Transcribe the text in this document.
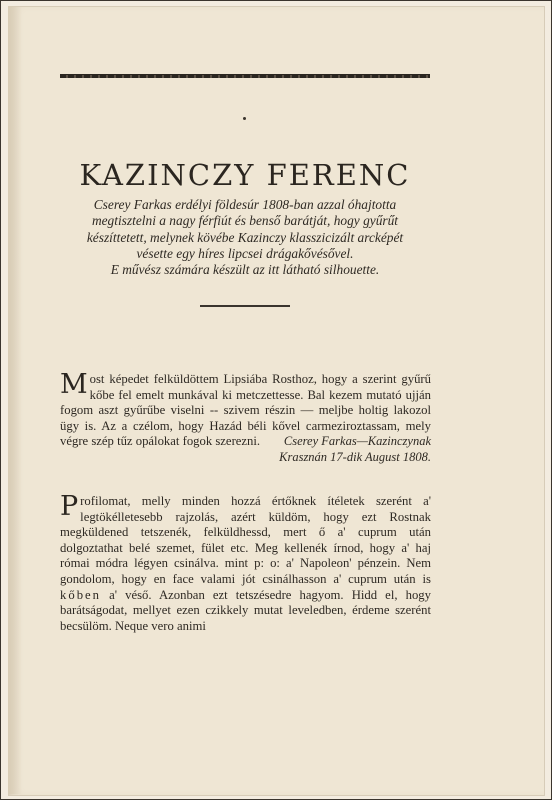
KAZINCZY FERENC

Cserey Farkas erdélyi földesúr 1808-ban azzal óhajtotta megtisztelni a nagy férfiút és benső barátját, hogy gyűrűt készíttetett, melynek kövébe Kazinczy klasszicizált arcképét vésette egy híres lipcsei drágakővésővel.

E művész számára készült az itt látható silhouette.

Most képedet felküldöttem Lipsiába Rosthoz, hogy a szerint gyűrű kőbe fel emelt munkával ki metczettesse. Bal kezem mutató ujján fogom aszt gyűrűbe viselni -- szivem részin — meljbe holtig lakozol ügy is. Az a czélom, hogy Hazád béli kővel carmeziroztassam, mely végre szép tűz opálokat fogok szerezni.	Cserey Farkas—Kazinczynak
Krasznán 17-dik August 1808.
Profilomat, melly minden hozzá értőknek ítéletek szerént a' legtökélletesebb rajzolás, azért küldöm, hogy ezt Rostnak megküldened tetszenék, felküldhessd, mert ő a' cuprum után dolgoztathat belé szemet, fület etc. Meg kellenék írnod, hogy a' haj római módra légyen csinálva. mint p: o: a' Napoleon' pénzein. Nem gondolom, hogy en face valami jót csinálhasson a' cuprum után is kőben a' véső. Azonban ezt tetszésedre hagyom. Hidd el, hogy barátságodat, mellyet ezen czikkely mutat leveledben, érdeme szerént becsülöm. Neque vero animi
